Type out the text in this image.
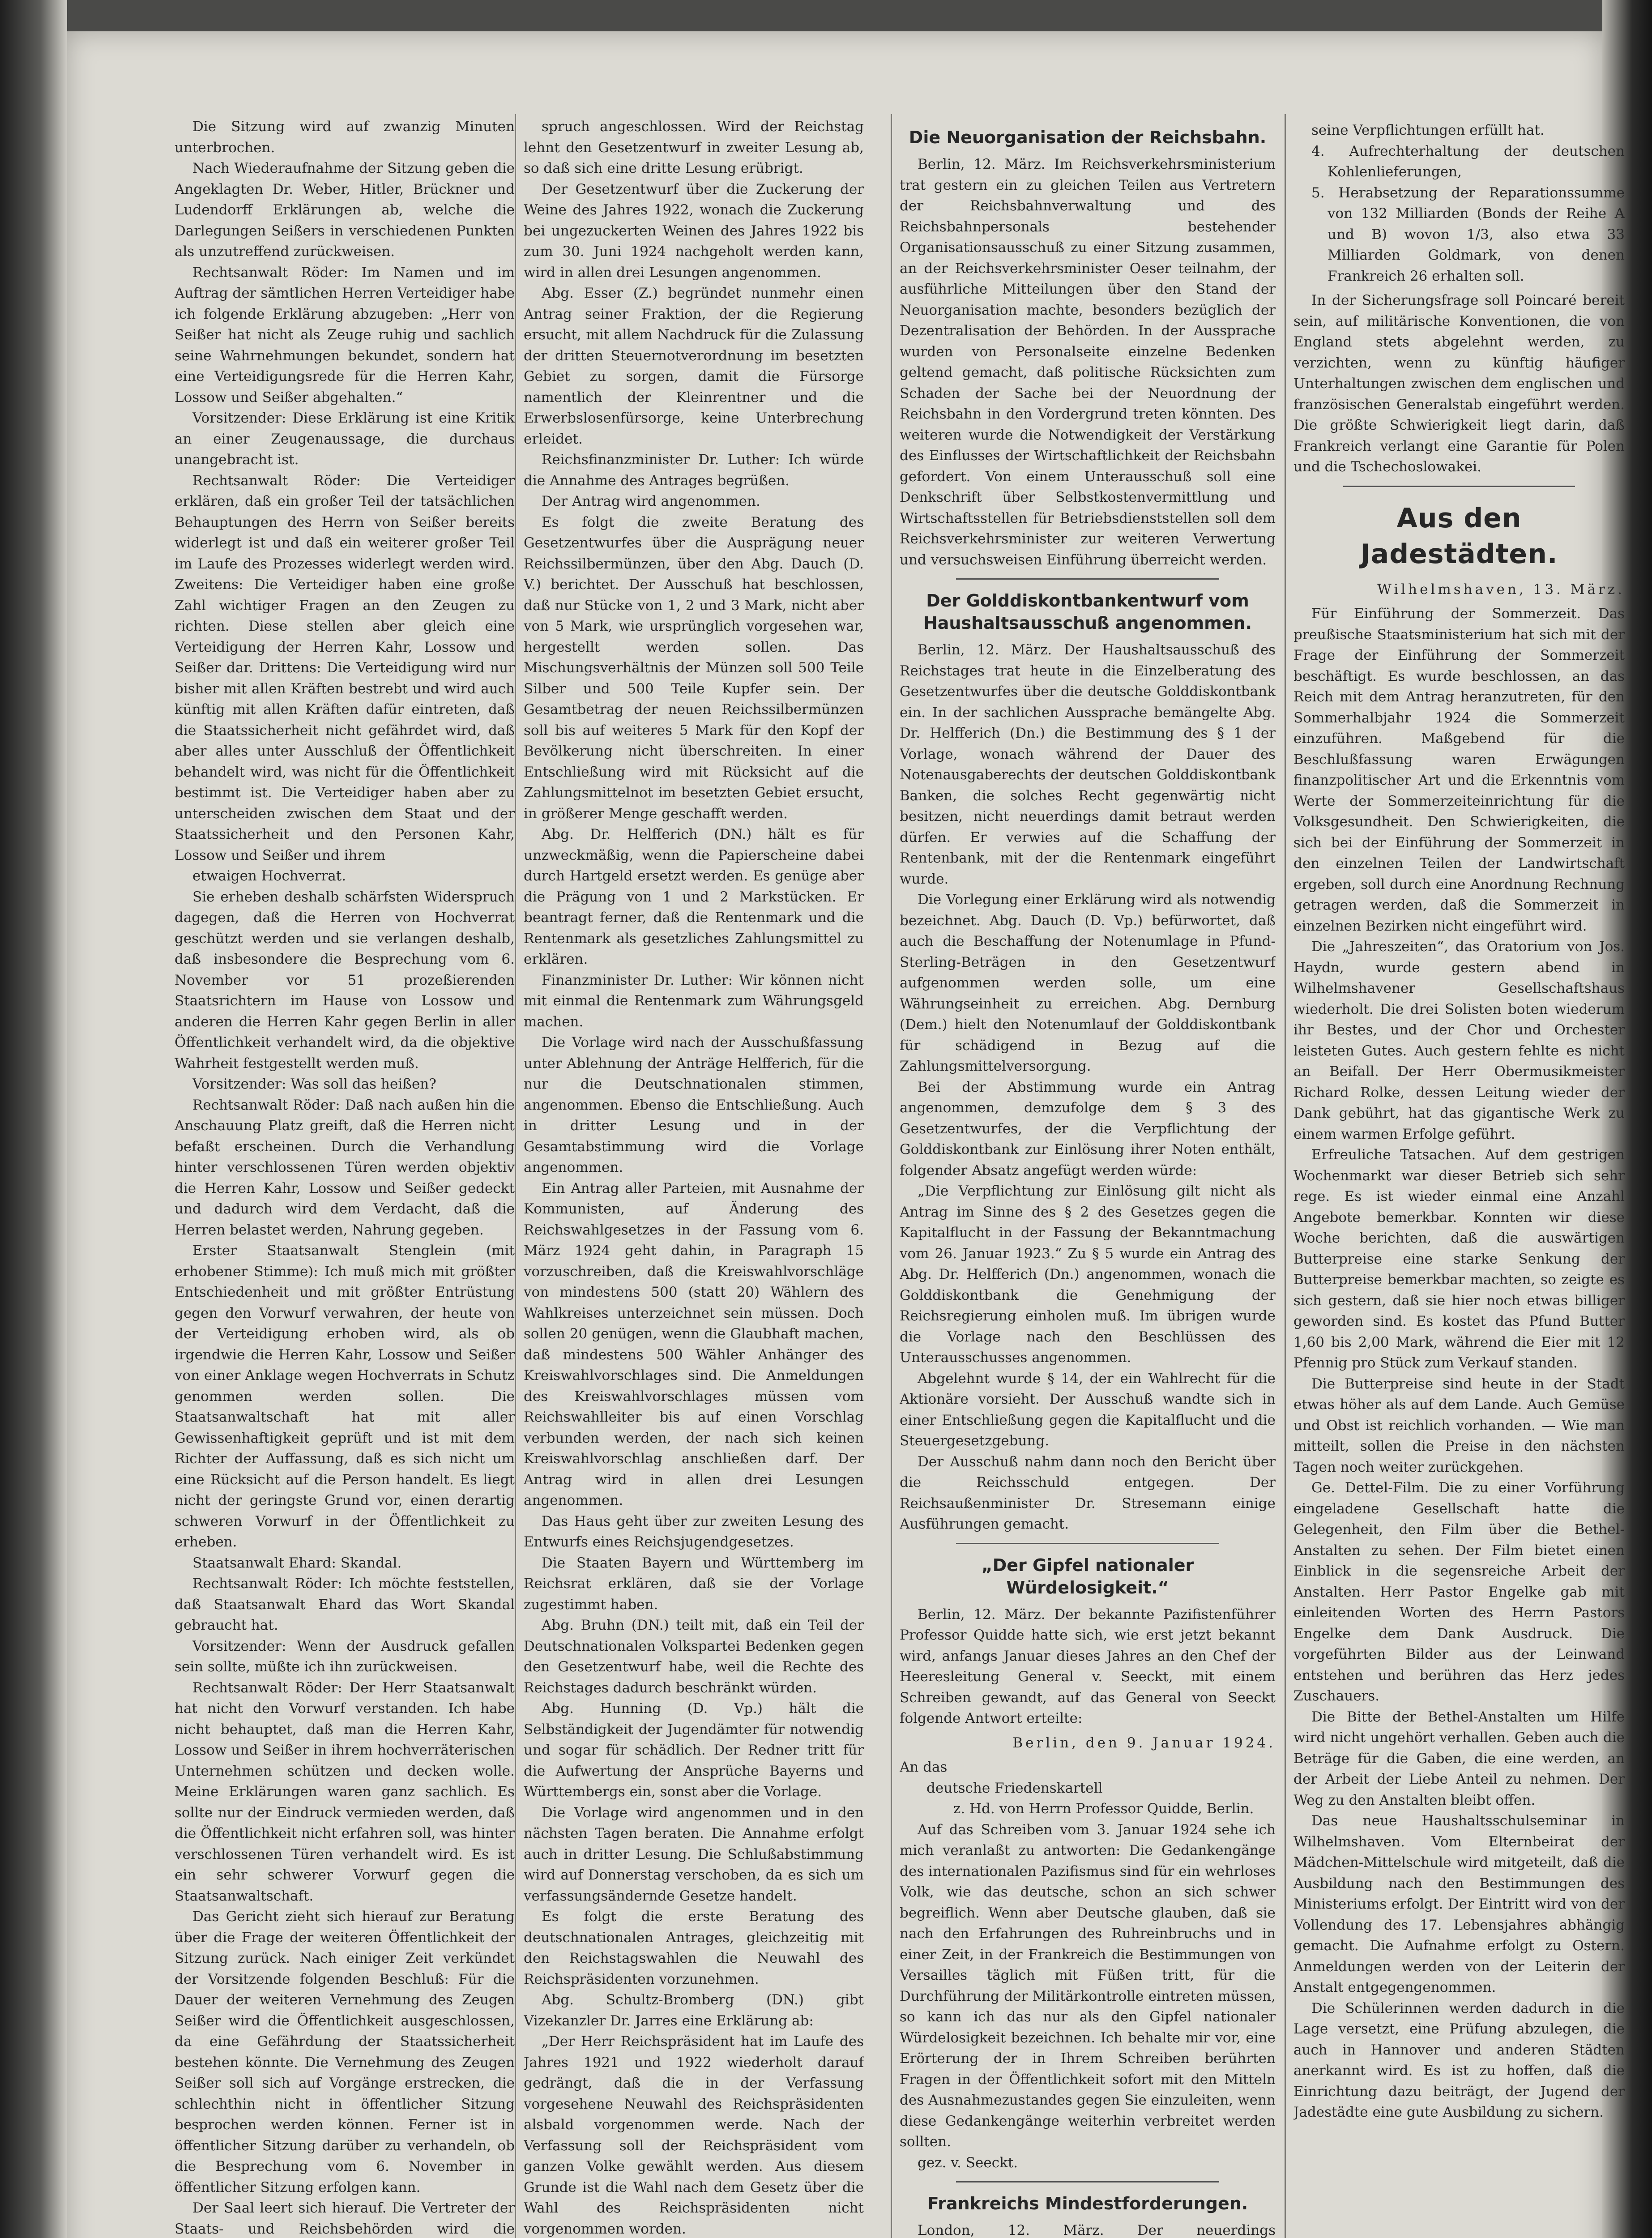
Die Sitzung wird auf zwanzig Minuten unterbrochen.

Nach Wiederaufnahme der Sitzung geben die Angeklagten Dr. Weber, Hitler, Brückner und Ludendorff Erklärungen ab, welche die Darlegungen Seißers in verschiedenen Punkten als unzutreffend zurückweisen.

Rechtsanwalt Röder: Im Namen und im Auftrag der sämtlichen Herren Verteidiger habe ich folgende Erklärung abzugeben: „Herr von Seißer hat nicht als Zeuge ruhig und sachlich seine Wahrnehmungen bekundet, sondern hat eine Verteidigungsrede für die Herren Kahr, Lossow und Seißer abgehalten.“

Vorsitzender: Diese Erklärung ist eine Kritik an einer Zeugenaussage, die durchaus unangebracht ist.

Rechtsanwalt Röder: Die Verteidiger erklären, daß ein großer Teil der tatsächlichen Behauptungen des Herrn von Seißer bereits widerlegt ist und daß ein weiterer großer Teil im Laufe des Prozesses widerlegt werden wird. Zweitens: Die Verteidiger haben eine große Zahl wichtiger Fragen an den Zeugen zu richten. Diese stellen aber gleich eine Verteidigung der Herren Kahr, Lossow und Seißer dar. Drittens: Die Verteidigung wird nur bisher mit allen Kräften bestrebt und wird auch künftig mit allen Kräften dafür eintreten, daß die Staatssicherheit nicht gefährdet wird, daß aber alles unter Ausschluß der Öffentlichkeit behandelt wird, was nicht für die Öffentlichkeit bestimmt ist. Die Verteidiger haben aber zu unterscheiden zwischen dem Staat und der Staatssicherheit und den Personen Kahr, Lossow und Seißer und ihrem

etwaigen Hochverrat.

Sie erheben deshalb schärfsten Widerspruch dagegen, daß die Herren von Hochverrat geschützt werden und sie verlangen deshalb, daß insbesondere die Besprechung vom 6. November vor 51 prozeßierenden Staatsrichtern im Hause von Lossow und anderen die Herren Kahr gegen Berlin in aller Öffentlichkeit verhandelt wird, da die objektive Wahrheit festgestellt werden muß.

Vorsitzender: Was soll das heißen?

Rechtsanwalt Röder: Daß nach außen hin die Anschauung Platz greift, daß die Herren nicht befaßt erscheinen. Durch die Verhandlung hinter verschlossenen Türen werden objektiv die Herren Kahr, Lossow und Seißer gedeckt und dadurch wird dem Verdacht, daß die Herren belastet werden, Nahrung gegeben.

Erster Staatsanwalt Stenglein (mit erhobener Stimme): Ich muß mich mit größter Entschiedenheit und mit größter Entrüstung gegen den Vorwurf verwahren, der heute von der Verteidigung erhoben wird, als ob irgendwie die Herren Kahr, Lossow und Seißer von einer Anklage wegen Hochverrats in Schutz genommen werden sollen. Die Staatsanwaltschaft hat mit aller Gewissenhaftigkeit geprüft und ist mit dem Richter der Auffassung, daß es sich nicht um eine Rücksicht auf die Person handelt. Es liegt nicht der geringste Grund vor, einen derartig schweren Vorwurf in der Öffentlichkeit zu erheben.

Staatsanwalt Ehard: Skandal.

Rechtsanwalt Röder: Ich möchte feststellen, daß Staatsanwalt Ehard das Wort Skandal gebraucht hat.

Vorsitzender: Wenn der Ausdruck gefallen sein sollte, müßte ich ihn zurückweisen.

Rechtsanwalt Röder: Der Herr Staatsanwalt hat nicht den Vorwurf verstanden. Ich habe nicht behauptet, daß man die Herren Kahr, Lossow und Seißer in ihrem hochverräterischen Unternehmen schützen und decken wolle. Meine Erklärungen waren ganz sachlich. Es sollte nur der Eindruck vermieden werden, daß die Öffentlichkeit nicht erfahren soll, was hinter verschlossenen Türen verhandelt wird. Es ist ein sehr schwerer Vorwurf gegen die Staatsanwaltschaft.

Das Gericht zieht sich hierauf zur Beratung über die Frage der weiteren Öffentlichkeit der Sitzung zurück. Nach einiger Zeit verkündet der Vorsitzende folgenden Beschluß: Für die Dauer der weiteren Vernehmung des Zeugen Seißer wird die Öffentlichkeit ausgeschlossen, da eine Gefährdung der Staatssicherheit bestehen könnte. Die Vernehmung des Zeugen Seißer soll sich auf Vorgänge erstrecken, die schlechthin nicht in öffentlicher Sitzung besprochen werden können. Ferner ist in öffentlicher Sitzung darüber zu verhandeln, ob die Besprechung vom 6. November in öffentlicher Sitzung erfolgen kann.

Der Saal leert sich hierauf. Die Vertreter der Staats- und Reichsbehörden wird die

spruch angeschlossen. Wird der Reichstag lehnt den Gesetzentwurf in zweiter Lesung ab, so daß sich eine dritte Lesung erübrigt.

Der Gesetzentwurf über die Zuckerung der Weine des Jahres 1922, wonach die Zuckerung bei ungezuckerten Weinen des Jahres 1922 bis zum 30. Juni 1924 nachgeholt werden kann, wird in allen drei Lesungen angenommen.

Abg. Esser (Z.) begründet nunmehr einen Antrag seiner Fraktion, der die Regierung ersucht, mit allem Nachdruck für die Zulassung der dritten Steuernotverordnung im besetzten Gebiet zu sorgen, damit die Fürsorge namentlich der Kleinrentner und die Erwerbslosenfürsorge, keine Unterbrechung erleidet.

Reichsfinanzminister Dr. Luther: Ich würde die Annahme des Antrages begrüßen.

Der Antrag wird angenommen.

Es folgt die zweite Beratung des Gesetzentwurfes über die Ausprägung neuer Reichssilbermünzen, über den Abg. Dauch (D. V.) berichtet. Der Ausschuß hat beschlossen, daß nur Stücke von 1, 2 und 3 Mark, nicht aber von 5 Mark, wie ursprünglich vorgesehen war, hergestellt werden sollen. Das Mischungsverhältnis der Münzen soll 500 Teile Silber und 500 Teile Kupfer sein. Der Gesamtbetrag der neuen Reichssilbermünzen soll bis auf weiteres 5 Mark für den Kopf der Bevölkerung nicht überschreiten. In einer Entschließung wird mit Rücksicht auf die Zahlungsmittelnot im besetzten Gebiet ersucht, in größerer Menge geschafft werden.

Abg. Dr. Helfferich (DN.) hält es für unzweckmäßig, wenn die Papierscheine dabei durch Hartgeld ersetzt werden. Es genüge aber die Prägung von 1 und 2 Markstücken. Er beantragt ferner, daß die Rentenmark und die Rentenmark als gesetzliches Zahlungsmittel zu erklären.

Finanzminister Dr. Luther: Wir können nicht mit einmal die Rentenmark zum Währungsgeld machen.

Die Vorlage wird nach der Ausschußfassung unter Ablehnung der Anträge Helfferich, für die nur die Deutschnationalen stimmen, angenommen. Ebenso die Entschließung. Auch in dritter Lesung und in der Gesamtabstimmung wird die Vorlage angenommen.

Ein Antrag aller Parteien, mit Ausnahme der Kommunisten, auf Änderung des Reichswahlgesetzes in der Fassung vom 6. März 1924 geht dahin, in Paragraph 15 vorzuschreiben, daß die Kreiswahlvorschläge von mindestens 500 (statt 20) Wählern des Wahlkreises unterzeichnet sein müssen. Doch sollen 20 genügen, wenn die Glaubhaft machen, daß mindestens 500 Wähler Anhänger des Kreiswahlvorschlages sind. Die Anmeldungen des Kreiswahlvorschlages müssen vom Reichswahlleiter bis auf einen Vorschlag verbunden werden, der nach sich keinen Kreiswahlvorschlag anschließen darf. Der Antrag wird in allen drei Lesungen angenommen.

Das Haus geht über zur zweiten Lesung des Entwurfs eines Reichsjugendgesetzes.

Die Staaten Bayern und Württemberg im Reichsrat erklären, daß sie der Vorlage zugestimmt haben.

Abg. Bruhn (DN.) teilt mit, daß ein Teil der Deutschnationalen Volkspartei Bedenken gegen den Gesetzentwurf habe, weil die Rechte des Reichstages dadurch beschränkt würden.

Abg. Hunning (D. Vp.) hält die Selbständigkeit der Jugendämter für notwendig und sogar für schädlich. Der Redner tritt für die Aufwertung der Ansprüche Bayerns und Württembergs ein, sonst aber die Vorlage.

Die Vorlage wird angenommen und in den nächsten Tagen beraten. Die Annahme erfolgt auch in dritter Lesung. Die Schlußabstimmung wird auf Donnerstag verschoben, da es sich um verfassungsändernde Gesetze handelt.

Es folgt die erste Beratung des deutschnationalen Antrages, gleichzeitig mit den Reichstagswahlen die Neuwahl des Reichspräsidenten vorzunehmen.

Abg. Schultz-Bromberg (DN.) gibt Vizekanzler Dr. Jarres eine Erklärung ab:

„Der Herr Reichspräsident hat im Laufe des Jahres 1921 und 1922 wiederholt darauf gedrängt, daß die in der Verfassung vorgesehene Neuwahl des Reichspräsidenten alsbald vorgenommen werde. Nach der Verfassung soll der Reichspräsident vom ganzen Volke gewählt werden. Aus diesem Grunde ist die Wahl nach dem Gesetz über die Wahl des Reichspräsidenten nicht vorgenommen worden.

Die Neuorganisation der Reichsbahn.

Berlin, 12. März. Im Reichsverkehrsministerium trat gestern ein zu gleichen Teilen aus Vertretern der Reichsbahnverwaltung und des Reichsbahnpersonals bestehender Organisationsausschuß zu einer Sitzung zusammen, an der Reichsverkehrsminister Oeser teilnahm, der ausführliche Mitteilungen über den Stand der Neuorganisation machte, besonders bezüglich der Dezentralisation der Behörden. In der Aussprache wurden von Personalseite einzelne Bedenken geltend gemacht, daß politische Rücksichten zum Schaden der Sache bei der Neuordnung der Reichsbahn in den Vordergrund treten könnten. Des weiteren wurde die Notwendigkeit der Verstärkung des Einflusses der Wirtschaftlichkeit der Reichsbahn gefordert. Von einem Unterausschuß soll eine Denkschrift über Selbstkostenvermittlung und Wirtschaftsstellen für Betriebsdienststellen soll dem Reichsverkehrsminister zur weiteren Verwertung und versuchsweisen Einführung überreicht werden.

Der Golddiskontbankentwurf vom Haushaltsausschuß angenommen.

Berlin, 12. März. Der Haushaltsausschuß des Reichstages trat heute in die Einzelberatung des Gesetzentwurfes über die deutsche Golddiskontbank ein. In der sachlichen Aussprache bemängelte Abg. Dr. Helfferich (Dn.) die Bestimmung des § 1 der Vorlage, wonach während der Dauer des Notenausgaberechts der deutschen Golddiskontbank Banken, die solches Recht gegenwärtig nicht besitzen, nicht neuerdings damit betraut werden dürfen. Er verwies auf die Schaffung der Rentenbank, mit der die Rentenmark eingeführt wurde.

Die Vorlegung einer Erklärung wird als notwendig bezeichnet. Abg. Dauch (D. Vp.) befürwortet, daß auch die Beschaffung der Notenumlage in Pfund-Sterling-Beträgen in den Gesetzentwurf aufgenommen werden solle, um eine Währungseinheit zu erreichen. Abg. Dernburg (Dem.) hielt den Notenumlauf der Golddiskontbank für schädigend in Bezug auf die Zahlungsmittelversorgung.

Bei der Abstimmung wurde ein Antrag angenommen, demzufolge dem § 3 des Gesetzentwurfes, der die Verpflichtung der Golddiskontbank zur Einlösung ihrer Noten enthält, folgender Absatz angefügt werden würde:

„Die Verpflichtung zur Einlösung gilt nicht als Antrag im Sinne des § 2 des Gesetzes gegen die Kapitalflucht in der Fassung der Bekanntmachung vom 26. Januar 1923.“ Zu § 5 wurde ein Antrag des Abg. Dr. Helfferich (Dn.) angenommen, wonach die Golddiskontbank die Genehmigung der Reichsregierung einholen muß. Im übrigen wurde die Vorlage nach den Beschlüssen des Unterausschusses angenommen.

Abgelehnt wurde § 14, der ein Wahlrecht für die Aktionäre vorsieht. Der Ausschuß wandte sich in einer Entschließung gegen die Kapitalflucht und die Steuergesetzgebung.

Der Ausschuß nahm dann noch den Bericht über die Reichsschuld entgegen. Der Reichsaußenminister Dr. Stresemann einige Ausführungen gemacht.

„Der Gipfel nationaler Würdelosigkeit.“

Berlin, 12. März. Der bekannte Pazifistenführer Professor Quidde hatte sich, wie erst jetzt bekannt wird, anfangs Januar dieses Jahres an den Chef der Heeresleitung General v. Seeckt, mit einem Schreiben gewandt, auf das General von Seeckt folgende Antwort erteilte:

Berlin, den 9. Januar 1924.

An das

deutsche Friedenskartell

z. Hd. von Herrn Professor Quidde, Berlin.

Auf das Schreiben vom 3. Januar 1924 sehe ich mich veranlaßt zu antworten: Die Gedankengänge des internationalen Pazifismus sind für ein wehrloses Volk, wie das deutsche, schon an sich schwer begreiflich. Wenn aber Deutsche glauben, daß sie nach den Erfahrungen des Ruhreinbruchs und in einer Zeit, in der Frankreich die Bestimmungen von Versailles täglich mit Füßen tritt, für die Durchführung der Militärkontrolle eintreten müssen, so kann ich das nur als den Gipfel nationaler Würdelosigkeit bezeichnen. Ich behalte mir vor, eine Erörterung der in Ihrem Schreiben berührten Fragen in der Öffentlichkeit sofort mit den Mitteln des Ausnahmezustandes gegen Sie einzuleiten, wenn diese Gedankengänge weiterhin verbreitet werden sollten.

gez. v. Seeckt.

Frankreichs Mindestforderungen.

London, 12. März. Der neuerdings

seine Verpflichtungen erfüllt hat.
4. Aufrechterhaltung der deutschen Kohlenlieferungen,
5. Herabsetzung der Reparationssumme von 132 Milliarden (Bonds der Reihe A und B) wovon 1/3, also etwa 33 Milliarden Goldmark, von denen Frankreich 26 erhalten soll.

In der Sicherungsfrage soll Poincaré bereit sein, auf militärische Konventionen, die von England stets abgelehnt werden, zu verzichten, wenn zu künftig häufiger Unterhaltungen zwischen dem englischen und französischen Generalstab eingeführt werden. Die größte Schwierigkeit liegt darin, daß Frankreich verlangt eine Garantie für Polen und die Tschechoslowakei.

Aus den Jadestädten.
Wilhelmshaven, 13. März.

Für Einführung der Sommerzeit. Das preußische Staatsministerium hat sich mit der Frage der Einführung der Sommerzeit beschäftigt. Es wurde beschlossen, an das Reich mit dem Antrag heranzutreten, für den Sommerhalbjahr 1924 die Sommerzeit einzuführen. Maßgebend für die Beschlußfassung waren Erwägungen finanzpolitischer Art und die Erkenntnis vom Werte der Sommerzeiteinrichtung für die Volksgesundheit. Den Schwierigkeiten, die sich bei der Einführung der Sommerzeit in den einzelnen Teilen der Landwirtschaft ergeben, soll durch eine Anordnung Rechnung getragen werden, daß die Sommerzeit in einzelnen Bezirken nicht eingeführt wird.

Die „Jahreszeiten“, das Oratorium von Jos. Haydn, wurde gestern abend in Wilhelmshavener Gesellschaftshaus wiederholt. Die drei Solisten boten wiederum ihr Bestes, und der Chor und Orchester leisteten Gutes. Auch gestern fehlte es nicht an Beifall. Der Herr Obermusikmeister Richard Rolke, dessen Leitung wieder der Dank gebührt, hat das gigantische Werk zu einem warmen Erfolge geführt.

Erfreuliche Tatsachen. Auf dem gestrigen Wochenmarkt war dieser Betrieb sich sehr rege. Es ist wieder einmal eine Anzahl Angebote bemerkbar. Konnten wir diese Woche berichten, daß die auswärtigen Butterpreise eine starke Senkung der Butterpreise bemerkbar machten, so zeigte es sich gestern, daß sie hier noch etwas billiger geworden sind. Es kostet das Pfund Butter 1,60 bis 2,00 Mark, während die Eier mit 12 Pfennig pro Stück zum Verkauf standen.

Die Butterpreise sind heute in der Stadt etwas höher als auf dem Lande. Auch Gemüse und Obst ist reichlich vorhanden. — Wie man mitteilt, sollen die Preise in den nächsten Tagen noch weiter zurückgehen.

Ge. Dettel-Film. Die zu einer Vorführung eingeladene Gesellschaft hatte die Gelegenheit, den Film über die Bethel-Anstalten zu sehen. Der Film bietet einen Einblick in die segensreiche Arbeit der Anstalten. Herr Pastor Engelke gab mit einleitenden Worten des Herrn Pastors Engelke dem Dank Ausdruck. Die vorgeführten Bilder aus der Leinwand entstehen und berühren das Herz jedes Zuschauers.

Die Bitte der Bethel-Anstalten um Hilfe wird nicht ungehört verhallen. Geben auch die Beträge für die Gaben, die eine werden, an der Arbeit der Liebe Anteil zu nehmen. Der Weg zu den Anstalten bleibt offen.

Das neue Haushaltsschulseminar in Wilhelmshaven. Vom Elternbeirat der Mädchen-Mittelschule wird mitgeteilt, daß die Ausbildung nach den Bestimmungen des Ministeriums erfolgt. Der Eintritt wird von der Vollendung des 17. Lebensjahres abhängig gemacht. Die Aufnahme erfolgt zu Ostern. Anmeldungen werden von der Leiterin der Anstalt entgegengenommen.

Die Schülerinnen werden dadurch in die Lage versetzt, eine Prüfung abzulegen, die auch in Hannover und anderen Städten anerkannt wird. Es ist zu hoffen, daß die Einrichtung dazu beiträgt, der Jugend der Jadestädte eine gute Ausbildung zu sichern.
